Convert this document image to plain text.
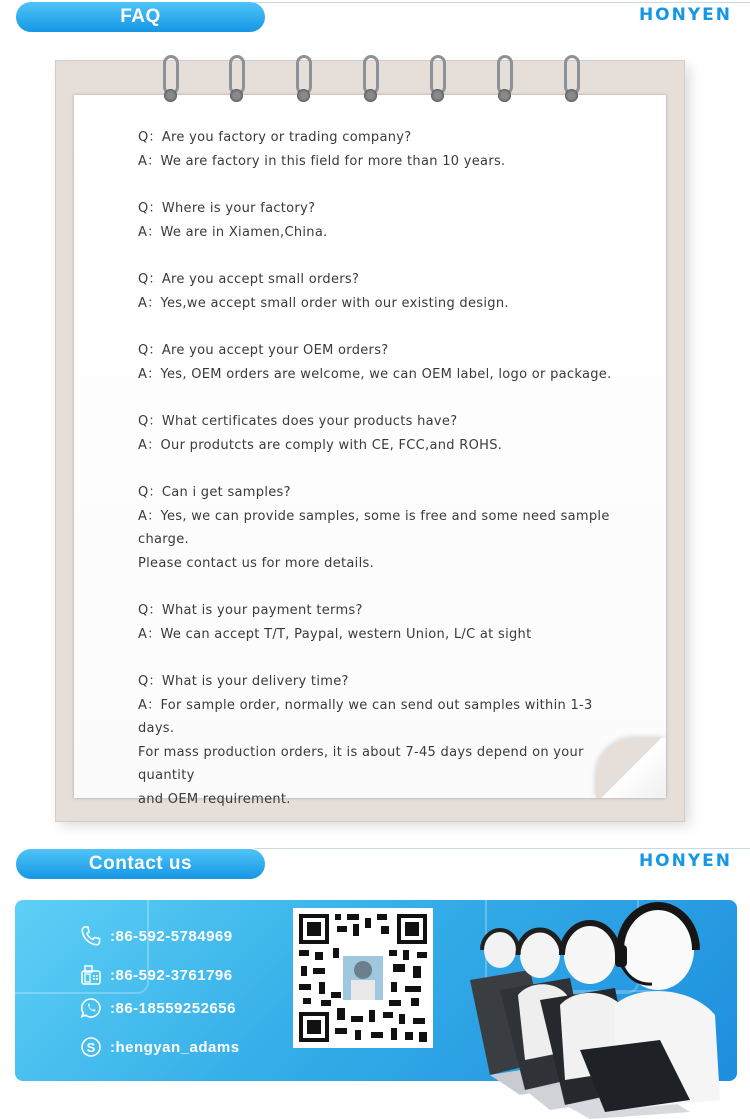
FAQ	HONYEN

Q：Are you factory or trading company?

A：We are factory in this field for more than 10 years.

Q：Where is your factory?

A：We are in Xiamen,China.

Q：Are you accept small orders?

A：Yes,we accept small order with our existing design.

Q：Are you accept your OEM orders?

A：Yes, OEM orders are welcome, we can OEM label, logo or package.

Q：What certificates does your products have?

A：Our produtcts are comply with CE, FCC,and ROHS.

Q：Can i get samples?

A：Yes, we can provide samples, some is free and some need sample

charge.

Please contact us for more details.

Q：What is your payment terms?

A：We can accept T/T, Paypal, western Union, L/C at sight

Q：What is your delivery time?

A：For sample order, normally we can send out samples within 1-3 days.

For mass production orders, it is about 7-45 days depend on your quantity

and OEM requirement.

Contact us	HONYEN
:86-592-5784969
:86-592-3761796
:86-18559252656
S :hengyan_adams
